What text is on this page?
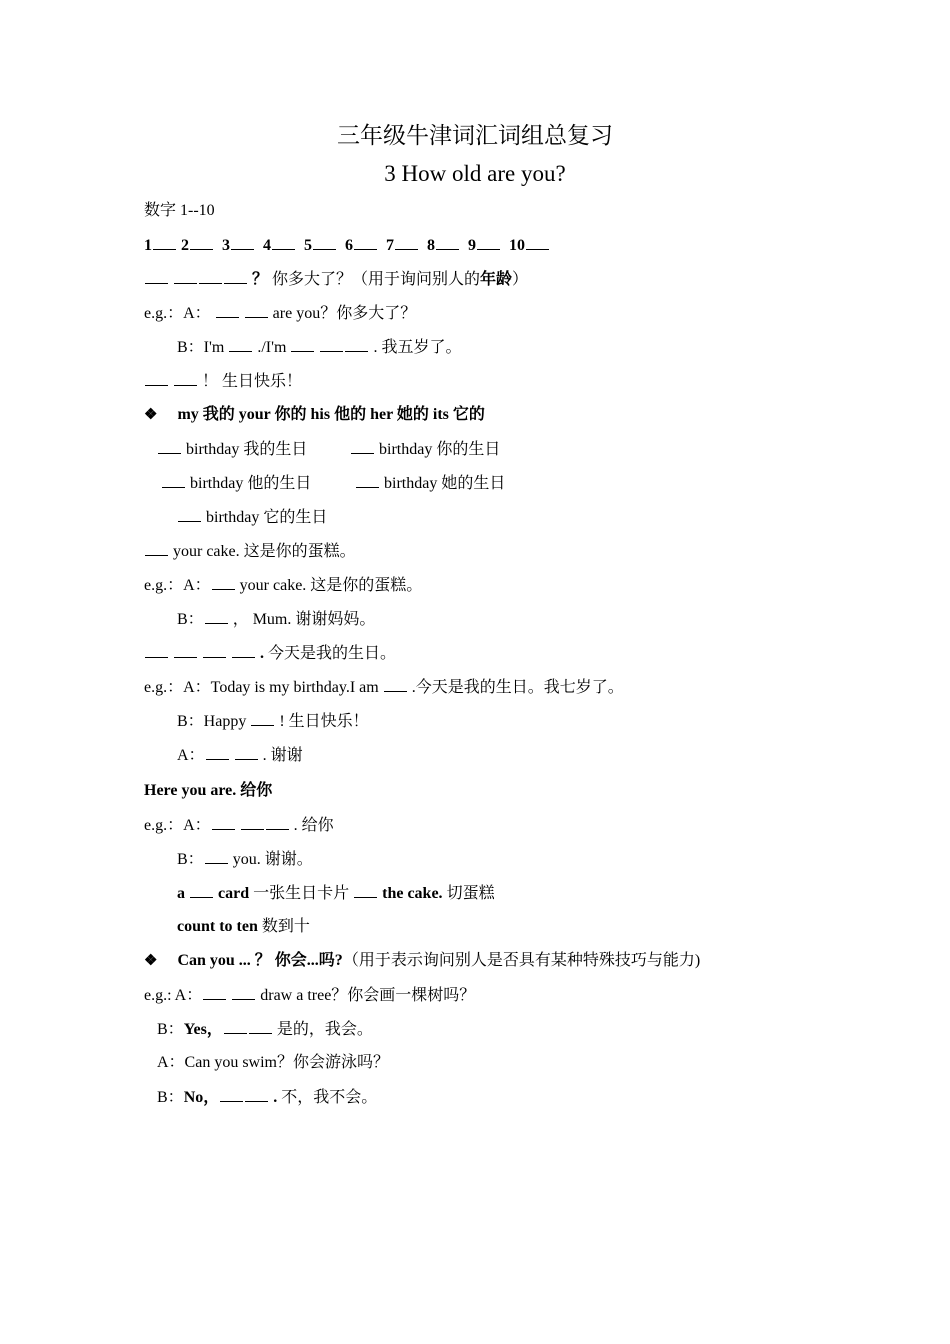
三年级牛津词汇词组总复习
3 How old are you?
数字 1--10
1 2 3 4 5 6 7 8 9 10
？ 你多大了？（用于询问别人的年龄）
e.g.：A：	are you？你多大了？
B：I'm  ./I'm	. 我五岁了。
！ 生日快乐！
❖ my 我的 your 你的 his 他的 her 她的 its 它的
birthday 我的生日	birthday 你的生日
birthday 他的生日	birthday 她的生日
birthday 它的生日
your cake. 这是你的蛋糕。
e.g.：A： your cake. 这是你的蛋糕。
B： ， Mum. 谢谢妈妈。
. 今天是我的生日。
e.g.：A：Today is my birthday.I am  .今天是我的生日。我七岁了。
B：Happy  ! 生日快乐！
A：	. 谢谢
Here you are. 给你
e.g.：A：	. 给你
B： you. 谢谢。
a  card 一张生日卡片  the cake. 切蛋糕
count to ten 数到十
❖ Can you ... ？ 你会...吗?（用于表示询问别人是否具有某种特殊技巧与能力)
e.g.: A：	draw a tree？你会画一棵树吗？
B：Yes，	是的，我会。
A：Can you swim？你会游泳吗？
B：No，	. 不，我不会。
